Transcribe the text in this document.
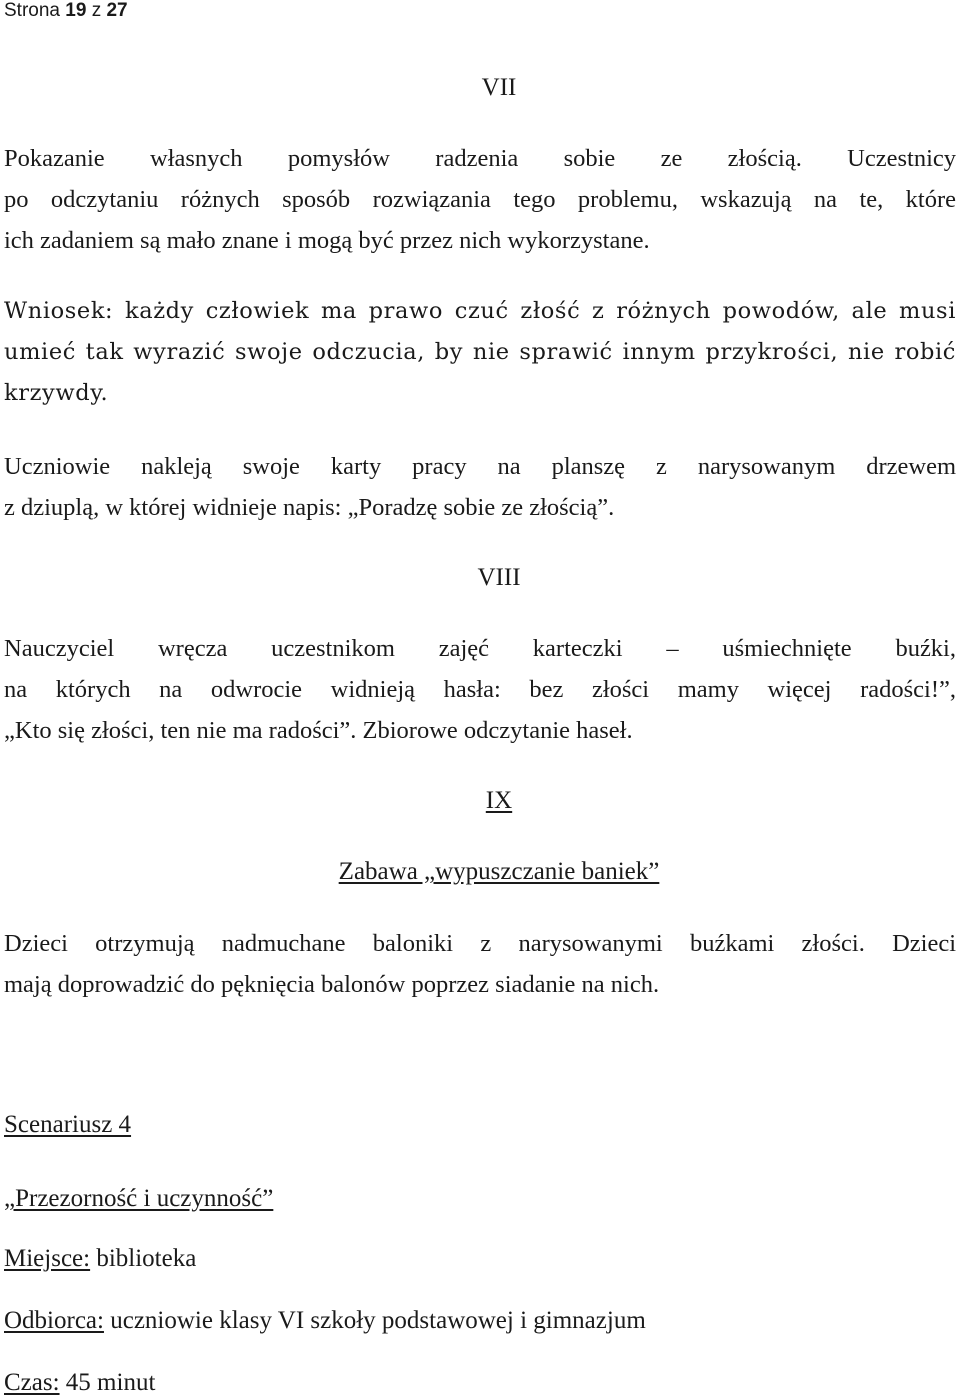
Strona 19 z 27
VII
Pokazanie własnych pomysłów radzenia sobie ze złością. Uczestnicy
po odczytaniu różnych sposób rozwiązania tego problemu, wskazują na te, które
ich zadaniem są mało znane i mogą być przez nich wykorzystane.
Wniosek: każdy człowiek ma prawo czuć złość z różnych powodów, ale musi
umieć tak wyrazić swoje odczucia, by nie sprawić innym przykrości, nie robić
krzywdy.
Uczniowie nakleją swoje karty pracy na planszę z narysowanym drzewem
z dziuplą, w której widnieje napis: „Poradzę sobie ze złością”.
VIII
Nauczyciel wręcza uczestnikom zajęć karteczki – uśmiechnięte buźki,
na których na odwrocie widnieją hasła: bez złości mamy więcej radości!”,
„Kto się złości, ten nie ma radości”. Zbiorowe odczytanie haseł.
IX
Zabawa „wypuszczanie baniek”
Dzieci otrzymują nadmuchane baloniki z narysowanymi buźkami złości. Dzieci
mają doprowadzić do pęknięcia balonów poprzez siadanie na nich.
Scenariusz 4
„Przezorność i uczynność”
Miejsce: biblioteka
Odbiorca: uczniowie klasy VI szkoły podstawowej i gimnazjum
Czas: 45 minut
